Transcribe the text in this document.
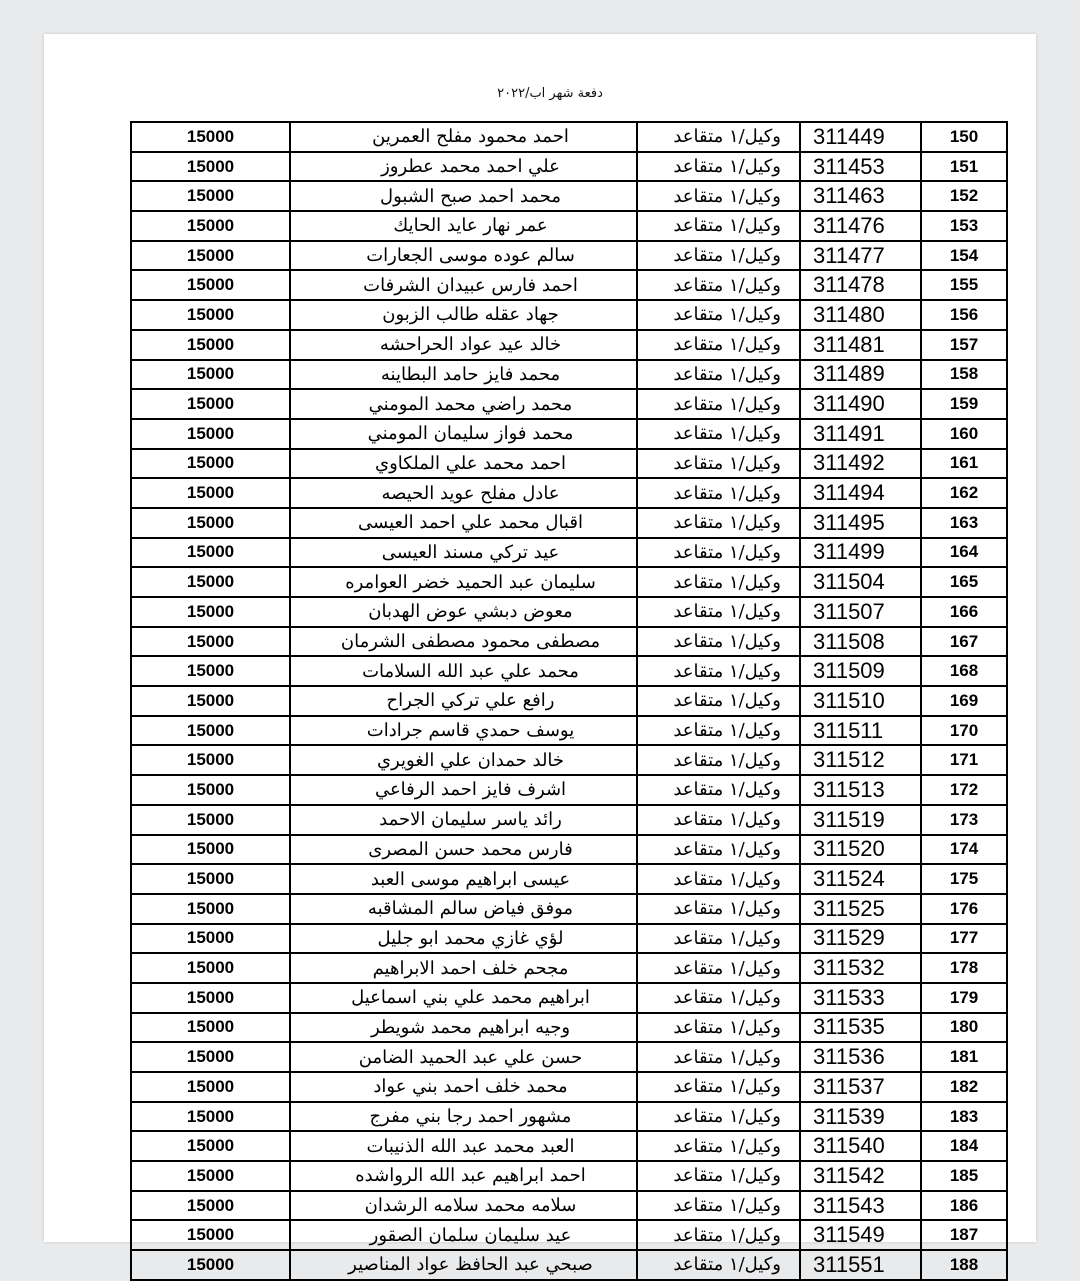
دفعة شهر اب/٢٠٢٢
150	311449	وكيل/١ متقاعد	احمد محمود مفلح العمرين	15000
151	311453	وكيل/١ متقاعد	علي احمد محمد عطروز	15000
152	311463	وكيل/١ متقاعد	محمد احمد صبح الشبول	15000
153	311476	وكيل/١ متقاعد	عمر نهار عايد الحايك	15000
154	311477	وكيل/١ متقاعد	سالم عوده موسى الجعارات	15000
155	311478	وكيل/١ متقاعد	احمد فارس عبيدان الشرفات	15000
156	311480	وكيل/١ متقاعد	جهاد عقله طالب الزبون	15000
157	311481	وكيل/١ متقاعد	خالد عيد عواد الحراحشه	15000
158	311489	وكيل/١ متقاعد	محمد فايز حامد البطاينه	15000
159	311490	وكيل/١ متقاعد	محمد راضي محمد المومني	15000
160	311491	وكيل/١ متقاعد	محمد فواز سليمان المومني	15000
161	311492	وكيل/١ متقاعد	احمد محمد علي الملكاوي	15000
162	311494	وكيل/١ متقاعد	عادل مفلح عويد الحيصه	15000
163	311495	وكيل/١ متقاعد	اقبال محمد علي احمد العيسى	15000
164	311499	وكيل/١ متقاعد	عيد تركي مسند العيسى	15000
165	311504	وكيل/١ متقاعد	سليمان عبد الحميد خضر العوامره	15000
166	311507	وكيل/١ متقاعد	معوض دبشي عوض الهدبان	15000
167	311508	وكيل/١ متقاعد	مصطفى محمود مصطفى الشرمان	15000
168	311509	وكيل/١ متقاعد	محمد علي عبد الله السلامات	15000
169	311510	وكيل/١ متقاعد	رافع علي تركي الجراح	15000
170	311511	وكيل/١ متقاعد	يوسف حمدي قاسم جرادات	15000
171	311512	وكيل/١ متقاعد	خالد حمدان علي الغويري	15000
172	311513	وكيل/١ متقاعد	اشرف فايز احمد الرفاعي	15000
173	311519	وكيل/١ متقاعد	رائد ياسر سليمان الاحمد	15000
174	311520	وكيل/١ متقاعد	فارس محمد حسن المصرى	15000
175	311524	وكيل/١ متقاعد	عيسى ابراهيم موسى العبد	15000
176	311525	وكيل/١ متقاعد	موفق فياض سالم المشاقبه	15000
177	311529	وكيل/١ متقاعد	لؤي غازي محمد ابو جليل	15000
178	311532	وكيل/١ متقاعد	مجحم خلف احمد الابراهيم	15000
179	311533	وكيل/١ متقاعد	ابراهيم محمد علي بني اسماعيل	15000
180	311535	وكيل/١ متقاعد	وجيه ابراهيم محمد شويطر	15000
181	311536	وكيل/١ متقاعد	حسن علي عبد الحميد الضامن	15000
182	311537	وكيل/١ متقاعد	محمد خلف احمد بني عواد	15000
183	311539	وكيل/١ متقاعد	مشهور احمد رجا بني مفرج	15000
184	311540	وكيل/١ متقاعد	العبد محمد عبد الله الذنيبات	15000
185	311542	وكيل/١ متقاعد	احمد ابراهيم عبد الله الرواشده	15000
186	311543	وكيل/١ متقاعد	سلامه محمد سلامه الرشدان	15000
187	311549	وكيل/١ متقاعد	عيد سليمان سلمان الصقور	15000
188	311551	وكيل/١ متقاعد	صبحي عبد الحافظ عواد المناصير	15000
